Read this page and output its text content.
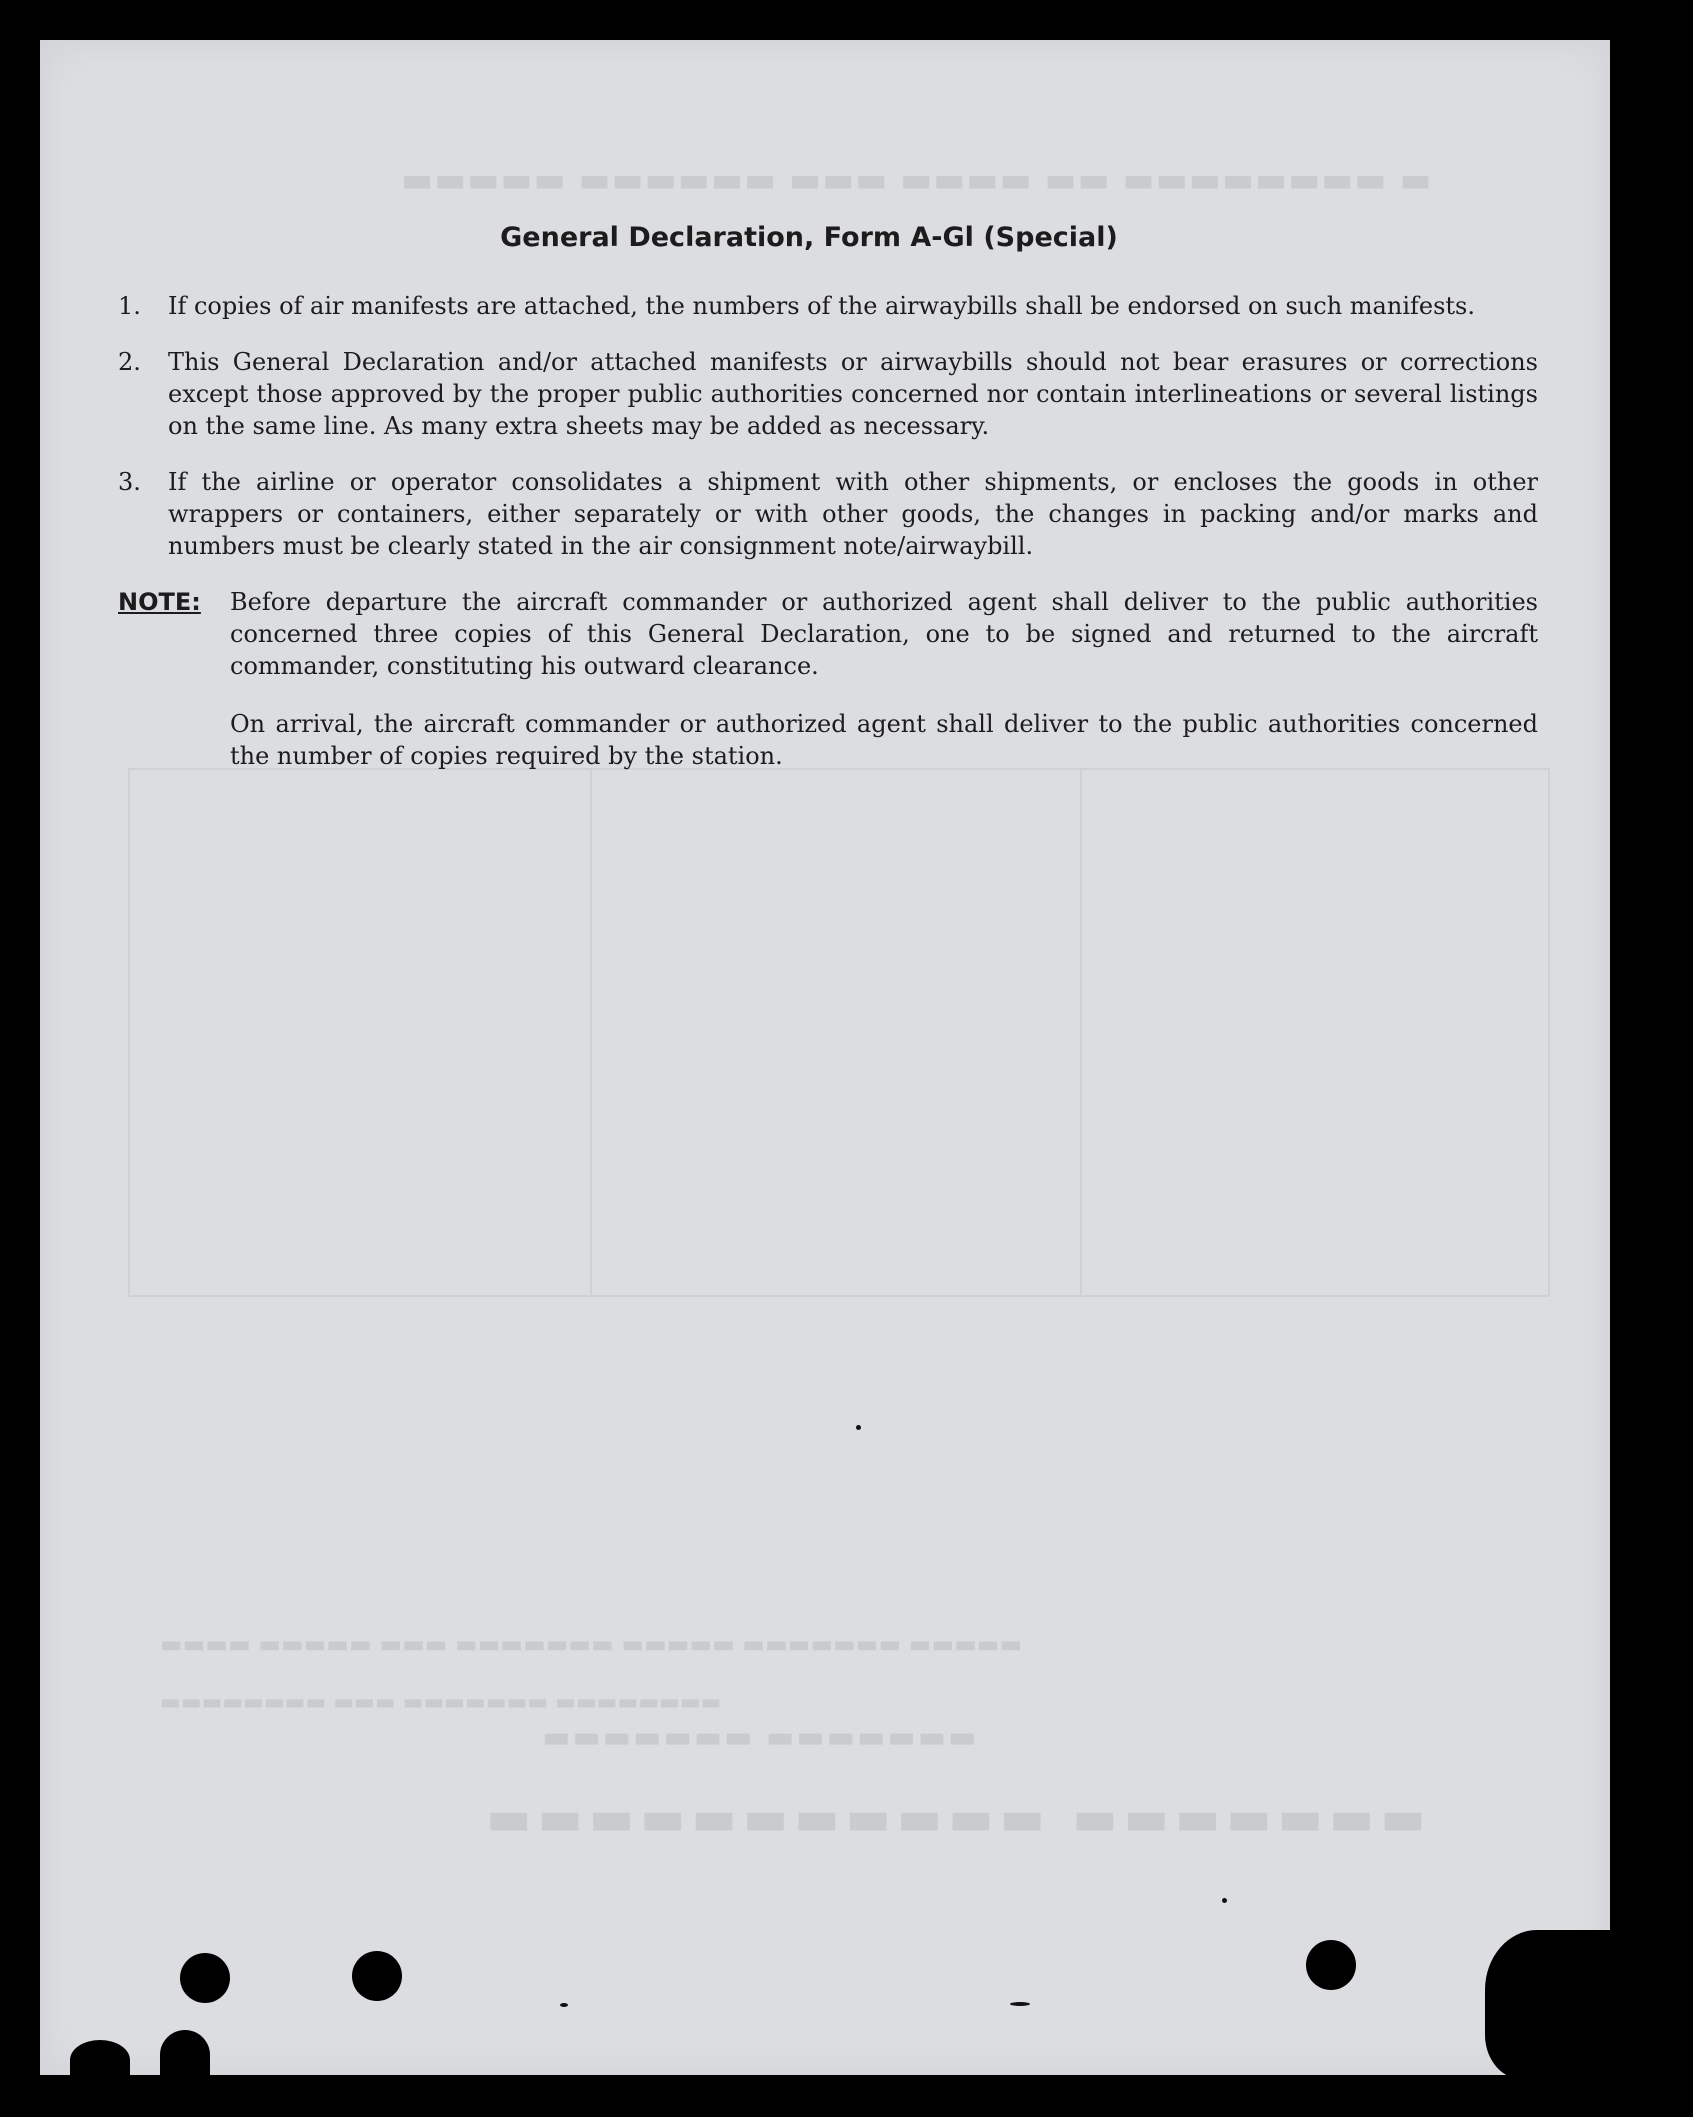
▬ ▬▬▬▬▬▬▬▬ ▬▬ ▬▬▬▬ ▬▬▬ ▬▬▬▬▬▬ ▬▬▬▬▬
▬▬▬▬▬ ▬▬▬▬▬▬▬ ▬▬▬▬▬ ▬▬▬▬▬▬▬ ▬▬▬ ▬▬▬▬▬ ▬▬▬▬
▬▬▬▬▬▬▬▬ ▬▬▬▬▬▬▬ ▬▬▬ ▬▬▬▬▬▬▬▬
▬▬▬▬▬▬▬ ▬▬▬▬▬▬▬
▬▬▬▬▬▬▬ ▬▬▬▬▬▬▬▬▬▬▬
General Declaration, Form A-Gl (Special)
1.	If copies of air manifests are attached, the numbers of the airwaybills shall be endorsed on such manifests.
2.	This General Declaration and/or attached manifests or airwaybills should not bear erasures or corrections except those approved by the proper public authorities concerned nor contain interlineations or several listings on the same line. As many extra sheets may be added as necessary.
3.	If the airline or operator consolidates a shipment with other shipments, or encloses the goods in other wrappers or containers, either separately or with other goods, the changes in packing and/or marks and numbers must be clearly stated in the air consignment note/airwaybill.
NOTE:	Before departure the aircraft commander or authorized agent shall deliver to the public authorities concerned three copies of this General Declaration, one to be signed and returned to the aircraft commander, constituting his outward clearance.

On arrival, the aircraft commander or authorized agent shall deliver to the public authorities concerned the number of copies required by the station.
